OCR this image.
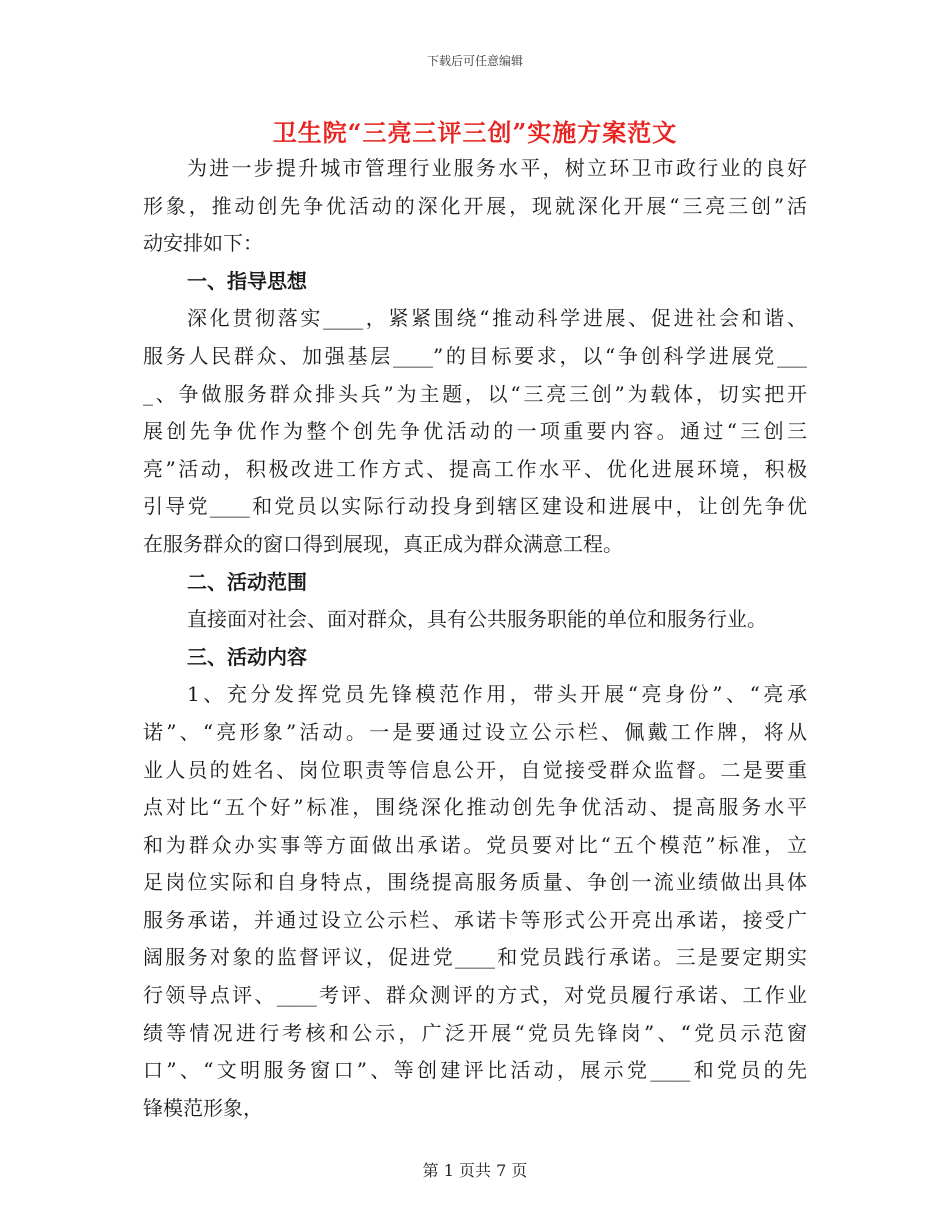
下载后可任意编辑
卫生院“三亮三评三创”实施方案范文
为进一步提升城市管理行业服务水平，树立环卫市政行业的良好
形象，推动创先争优活动的深化开展，现就深化开展“三亮三创”活
动安排如下：
一、指导思想
深化贯彻落实____，紧紧围绕“推动科学进展、促进社会和谐、
服务人民群众、加强基层____”的目标要求，以“争创科学进展党___
_、争做服务群众排头兵”为主题，以“三亮三创”为载体，切实把开
展创先争优作为整个创先争优活动的一项重要内容。通过“三创三
亮”活动，积极改进工作方式、提高工作水平、优化进展环境，积极
引导党____和党员以实际行动投身到辖区建设和进展中，让创先争优
在服务群众的窗口得到展现，真正成为群众满意工程。
二、活动范围
直接面对社会、面对群众，具有公共服务职能的单位和服务行业。
三、活动内容
1、充分发挥党员先锋模范作用，带头开展“亮身份”、“亮承
诺”、“亮形象”活动。一是要通过设立公示栏、佩戴工作牌，将从
业人员的姓名、岗位职责等信息公开，自觉接受群众监督。二是要重
点对比“五个好”标准，围绕深化推动创先争优活动、提高服务水平
和为群众办实事等方面做出承诺。党员要对比“五个模范”标准，立
足岗位实际和自身特点，围绕提高服务质量、争创一流业绩做出具体
服务承诺，并通过设立公示栏、承诺卡等形式公开亮出承诺，接受广
阔服务对象的监督评议，促进党____和党员践行承诺。三是要定期实
行领导点评、____考评、群众测评的方式，对党员履行承诺、工作业
绩等情况进行考核和公示，广泛开展“党员先锋岗”、“党员示范窗
口”、“文明服务窗口”、等创建评比活动，展示党____和党员的先
锋模范形象，
第 1 页共 7 页
